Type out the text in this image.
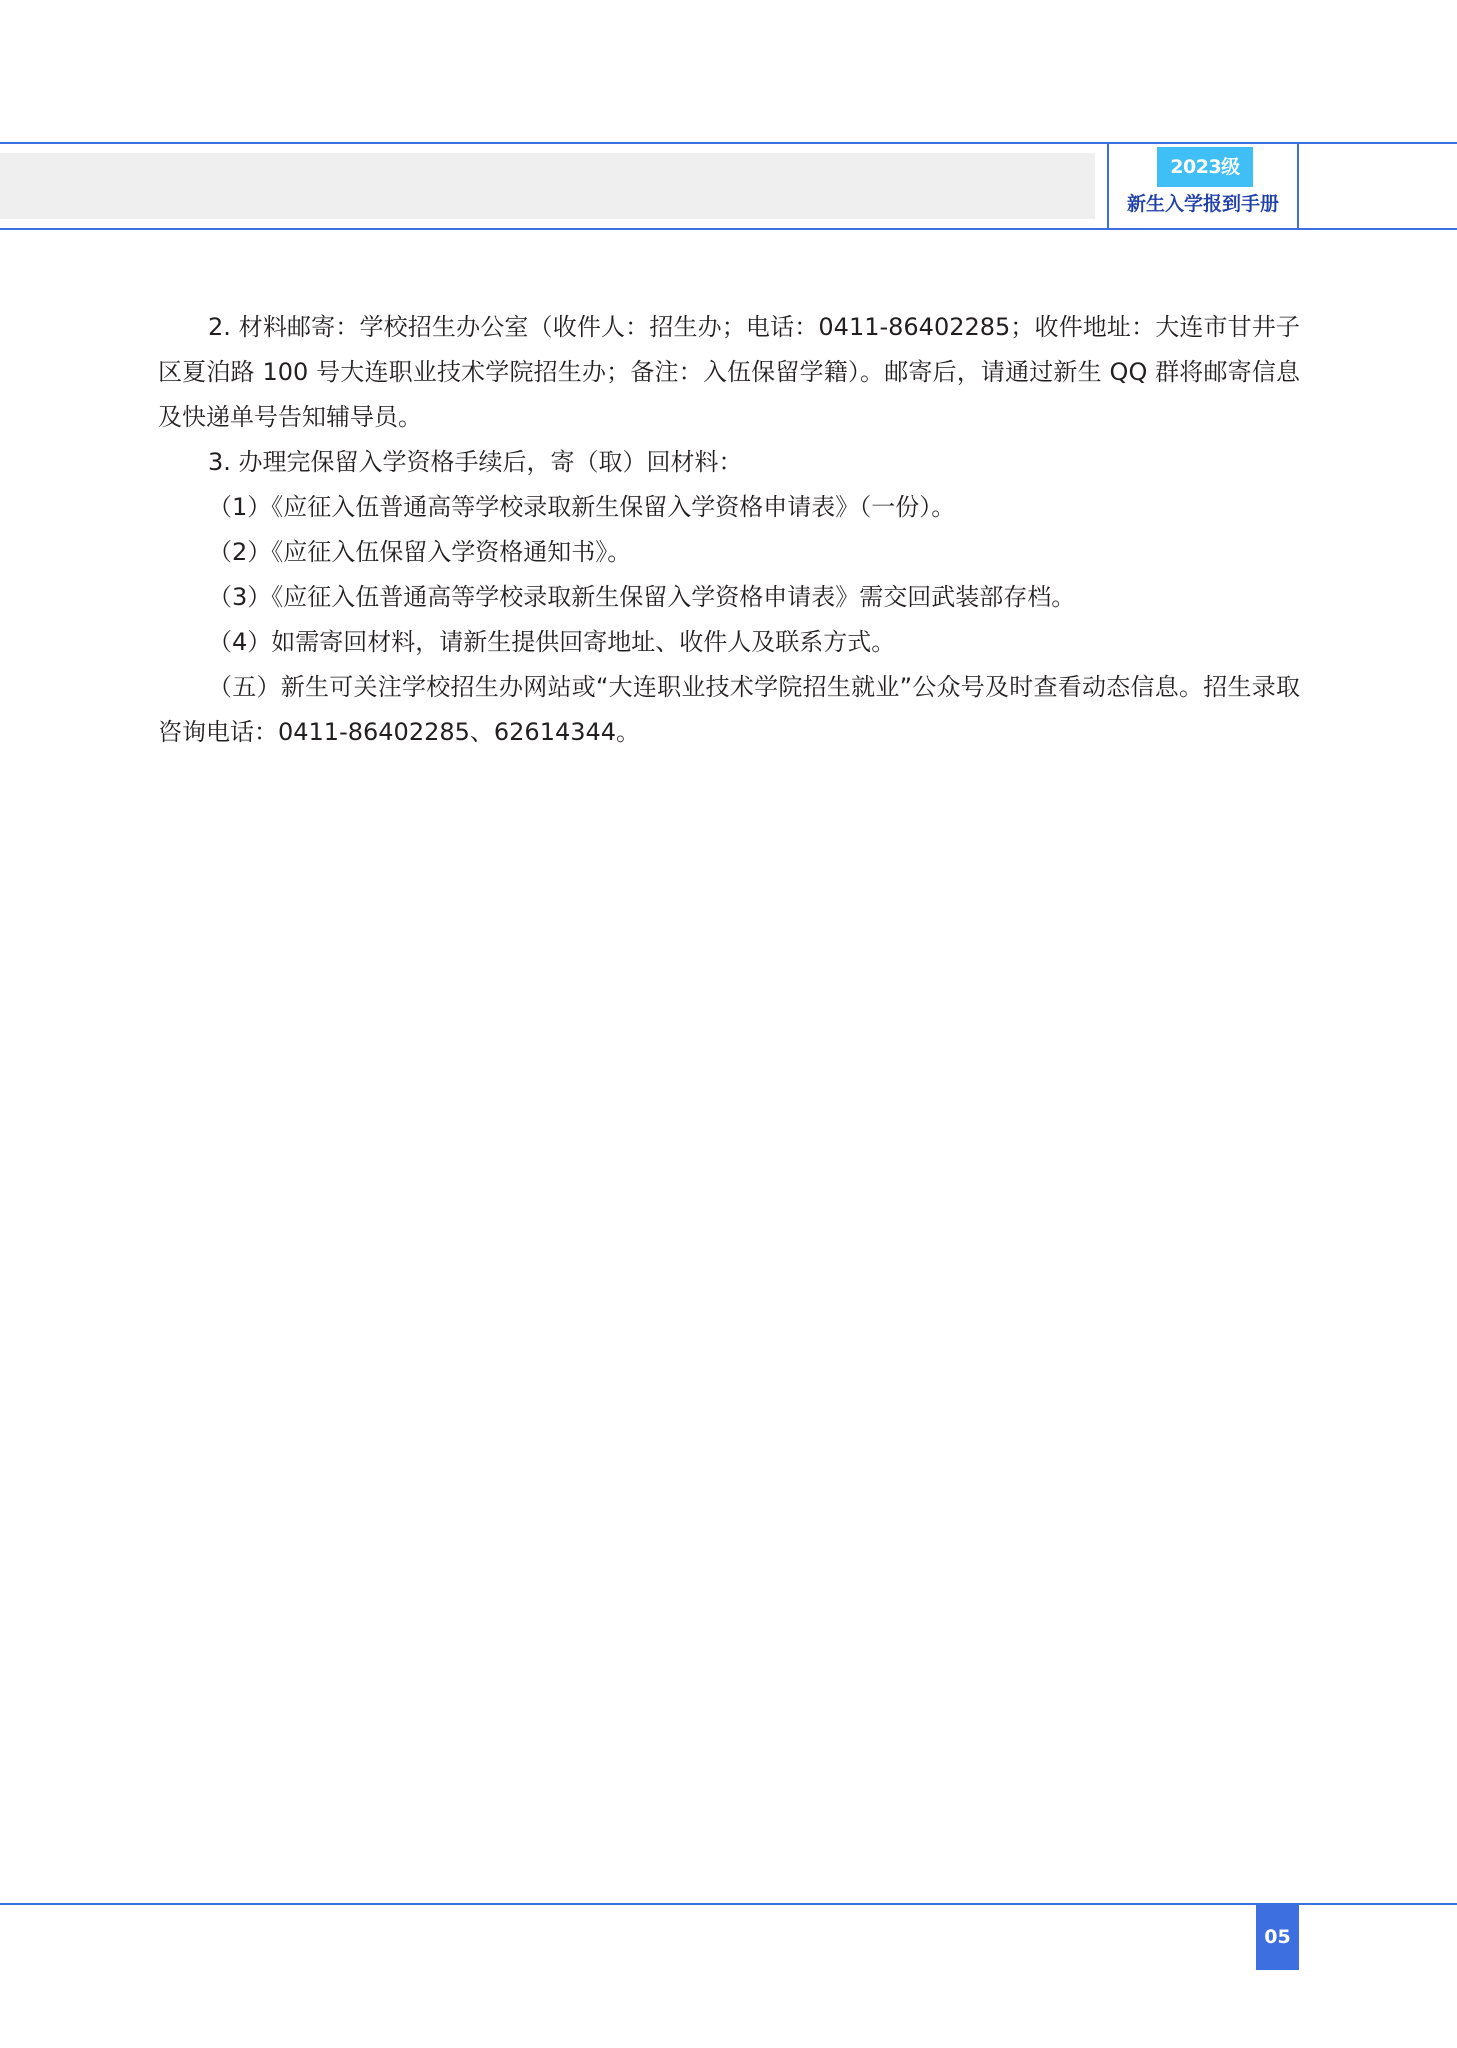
2023级
新生入学报到手册

2. 材料邮寄：学校招生办公室（收件人：招生办；电话：0411-86402285；收件地址：大连市甘井子区夏泊路 100 号大连职业技术学院招生办；备注：入伍保留学籍）。邮寄后，请通过新生 QQ 群将邮寄信息及快递单号告知辅导员。

3. 办理完保留入学资格手续后，寄（取）回材料：

（1）《应征入伍普通高等学校录取新生保留入学资格申请表》（一份）。

（2）《应征入伍保留入学资格通知书》。

（3）《应征入伍普通高等学校录取新生保留入学资格申请表》需交回武装部存档。

（4）如需寄回材料，请新生提供回寄地址、收件人及联系方式。

（五）新生可关注学校招生办网站或“大连职业技术学院招生就业”公众号及时查看动态信息。招生录取咨询电话：0411-86402285、62614344。

05
